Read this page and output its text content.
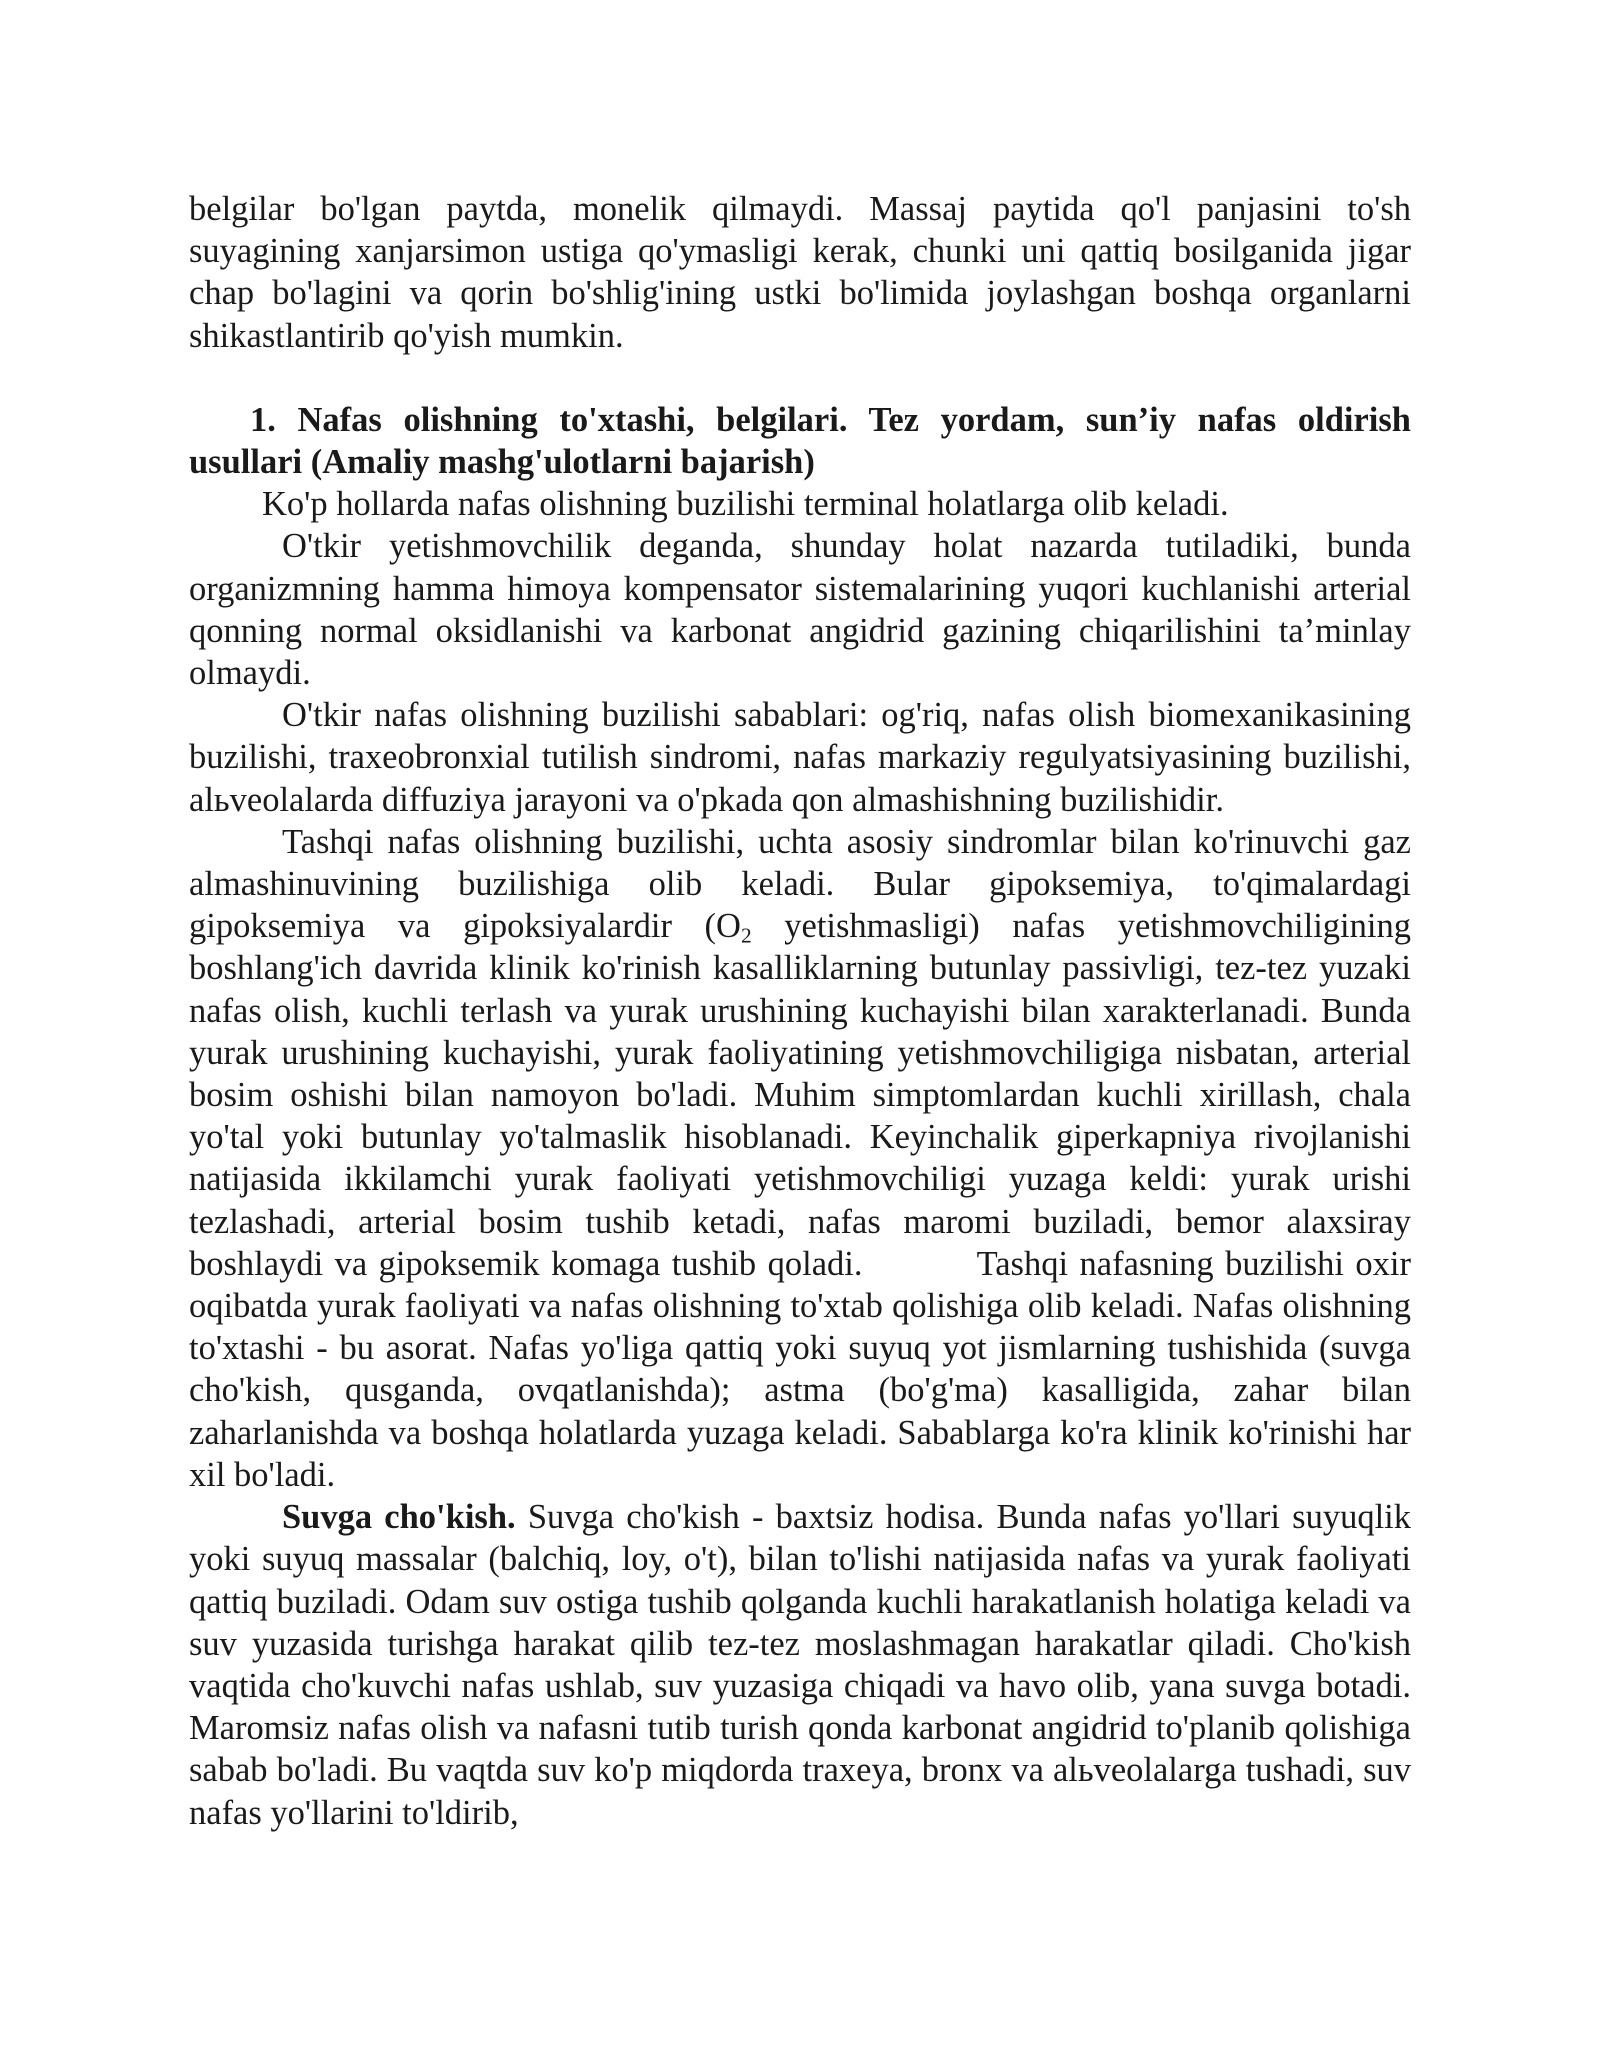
belgilar bo'lgan paytda, monelik qilmaydi. Massaj paytida qo'l panjasini to'sh suyagining xanjarsimon ustiga qo'ymasligi kerak, chunki uni qattiq bosilganida jigar chap bo'lagini va qorin bo'shlig'ining ustki bo'limida joylashgan boshqa organlarni shikastlantirib qo'yish mumkin.

1. Nafas olishning to'xtashi, belgilari. Tez yordam, sun’iy nafas oldirish usullari (Amaliy mashg'ulotlarni bajarish)

Ko'p hollarda nafas olishning buzilishi terminal holatlarga olib keladi.

O'tkir yetishmovchilik deganda, shunday holat nazarda tutiladiki, bunda organizmning hamma himoya kompensator sistemalarining yuqori kuchlanishi arterial qonning normal oksidlanishi va karbonat angidrid gazining chiqarilishini ta’minlay olmaydi.

O'tkir nafas olishning buzilishi sabablari: og'riq, nafas olish biomexanikasining buzilishi, traxeobronxial tutilish sindromi, nafas markaziy regulyatsiyasining buzilishi, alьveolalarda diffuziya jarayoni va o'pkada qon almashishning buzilishidir.

Tashqi nafas olishning buzilishi, uchta asosiy sindromlar bilan ko'rinuvchi gaz almashinuvining buzilishiga olib keladi. Bular gipoksemiya, to'qimalardagi gipoksemiya va gipoksiyalardir ($O_2$ yetishmasligi) nafas yetishmovchiligining boshlang'ich davrida klinik ko'rinish kasalliklarning butunlay passivligi, tez-tez yuzaki nafas olish, kuchli terlash va yurak urushining kuchayishi bilan xarakterlanadi. Bunda yurak urushining kuchayishi, yurak faoliyatining yetishmovchiligiga nisbatan, arterial bosim oshishi bilan namoyon bo'ladi. Muhim simptomlardan kuchli xirillash, chala yo'tal yoki butunlay yo'talmaslik hisoblanadi. Keyinchalik giperkapniya rivojlanishi natijasida ikkilamchi yurak faoliyati yetishmovchiligi yuzaga keldi: yurak urishi tezlashadi, arterial bosim tushib ketadi, nafas maromi buziladi, bemor alaxsiray boshlaydi va gipoksemik komaga tushib qoladi.          Tashqi nafasning buzilishi oxir oqibatda yurak faoliyati va nafas olishning to'xtab qolishiga olib keladi. Nafas olishning to'xtashi - bu asorat. Nafas yo'liga qattiq yoki suyuq yot jismlarning tushishida (suvga cho'kish, qusganda, ovqatlanishda); astma (bo'g'ma) kasalligida, zahar bilan zaharlanishda va boshqa holatlarda yuzaga keladi. Sabablarga ko'ra klinik ko'rinishi har xil bo'ladi.

Suvga cho'kish. Suvga cho'kish - baxtsiz hodisa. Bunda nafas yo'llari suyuqlik yoki suyuq massalar (balchiq, loy, o't), bilan to'lishi natijasida nafas va yurak faoliyati qattiq buziladi. Odam suv ostiga tushib qolganda kuchli harakatlanish holatiga keladi va suv yuzasida turishga harakat qilib tez-tez moslashmagan harakatlar qiladi. Cho'kish vaqtida cho'kuvchi nafas ushlab, suv yuzasiga chiqadi va havo olib, yana suvga botadi. Maromsiz nafas olish va nafasni tutib turish qonda karbonat angidrid to'planib qolishiga sabab bo'ladi. Bu vaqtda suv ko'p miqdorda traxeya, bronx va alьveolalarga tushadi, suv nafas yo'llarini to'ldirib,
